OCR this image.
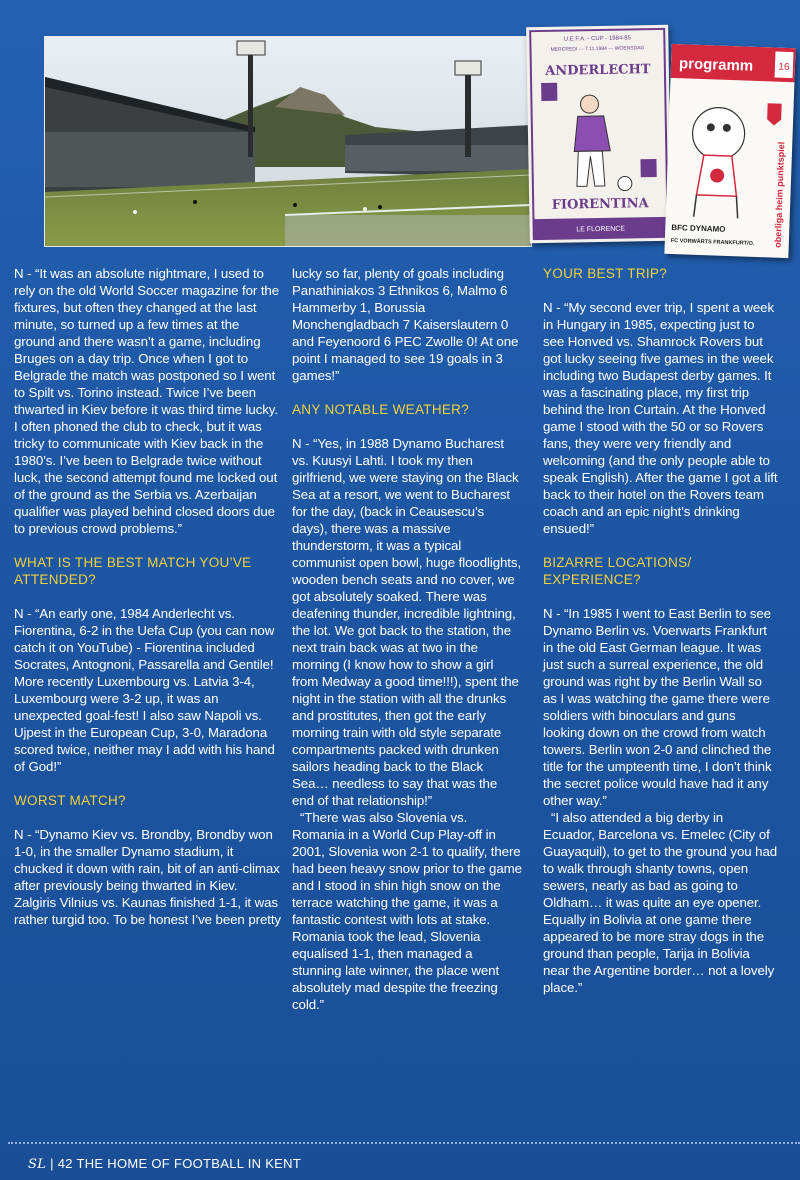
U.E.F.A. - CUP - 1984-85
MERCREDI — 7.11.1984 — WOENSDAG
ANDERLECHT
FIORENTINA
LE FLORENCE
programm 16
BFC DYNAMO
FC VORWÄRTS FRANKFURT/O. oberliga heim punktspiel

N - “It was an absolute nightmare, I used to rely on the old World Soccer magazine for the fixtures, but often they changed at the last minute, so turned up a few times at the ground and there wasn’t a game, including Bruges on a day trip. Once when I got to Belgrade the match was postponed so I went to Spilt vs. Torino instead. Twice I’ve been thwarted in Kiev before it was third time lucky. I often phoned the club to check, but it was tricky to communicate with Kiev back in the 1980’s. I’ve been to Belgrade twice without luck, the second attempt found me locked out of the ground as the Serbia vs. Azerbaijan qualifier was played behind closed doors due to previous crowd problems.”

WHAT IS THE BEST MATCH YOU’VE ATTENDED?

N - “An early one, 1984 Anderlecht vs. Fiorentina, 6-2 in the Uefa Cup (you can now catch it on YouTube) - Fiorentina included Socrates, Antognoni, Passarella and Gentile! More recently Luxembourg vs. Latvia 3-4, Luxembourg were 3-2 up, it was an unexpected goal-fest! I also saw Napoli vs. Ujpest in the European Cup, 3-0, Maradona scored twice, neither may I add with his hand of God!”

WORST MATCH?

N - “Dynamo Kiev vs. Brondby, Brondby won 1-0, in the smaller Dynamo stadium, it chucked it down with rain, bit of an anti-climax after previously being thwarted in Kiev. Zalgiris Vilnius vs. Kaunas finished 1-1, it was rather turgid too. To be honest I’ve been pretty

lucky so far, plenty of goals including Panathiniakos 3 Ethnikos 6, Malmo 6 Hammerby 1, Borussia Monchengladbach 7 Kaiserslautern 0 and Feyenoord 6 PEC Zwolle 0! At one point I managed to see 19 goals in 3 games!”

ANY NOTABLE WEATHER?

N - “Yes, in 1988 Dynamo Bucharest vs. Kuusyi Lahti. I took my then girlfriend, we were staying on the Black Sea at a resort, we went to Bucharest for the day, (back in Ceausescu’s days), there was a massive thunderstorm, it was a typical communist open bowl, huge floodlights, wooden bench seats and no cover, we got absolutely soaked. There was deafening thunder, incredible lightning, the lot. We got back to the station, the next train back was at two in the morning (I know how to show a girl from Medway a good time!!!), spent the night in the station with all the drunks and prostitutes, then got the early morning train with old style separate compartments packed with drunken sailors heading back to the Black Sea… needless to say that was the end of that relationship!”

“There was also Slovenia vs. Romania in a World Cup Play-off in 2001, Slovenia won 2-1 to qualify, there had been heavy snow prior to the game and I stood in shin high snow on the terrace watching the game, it was a fantastic contest with lots at stake. Romania took the lead, Slovenia equalised 1-1, then managed a stunning late winner, the place went absolutely mad despite the freezing cold.”

YOUR BEST TRIP?

N - “My second ever trip, I spent a week in Hungary in 1985, expecting just to see Honved vs. Shamrock Rovers but got lucky seeing five games in the week including two Budapest derby games. It was a fascinating place, my first trip behind the Iron Curtain. At the Honved game I stood with the 50 or so Rovers fans, they were very friendly and welcoming (and the only people able to speak English). After the game I got a lift back to their hotel on the Rovers team coach and an epic night’s drinking ensued!”

BIZARRE LOCATIONS/ EXPERIENCE?

N - “In 1985 I went to East Berlin to see Dynamo Berlin vs. Voerwarts Frankfurt in the old East German league. It was just such a surreal experience, the old ground was right by the Berlin Wall so as I was watching the game there were soldiers with binoculars and guns looking down on the crowd from watch towers. Berlin won 2-0 and clinched the title for the umpteenth time, I don’t think the secret police would have had it any other way.”

“I also attended a big derby in Ecuador, Barcelona vs. Emelec (City of Guayaquil), to get to the ground you had to walk through shanty towns, open sewers, nearly as bad as going to Oldham… it was quite an eye opener. Equally in Bolivia at one game there appeared to be more stray dogs in the ground than people, Tarija in Bolivia near the Argentine border… not a lovely place.”

SL | 42 THE HOME OF FOOTBALL IN KENT
